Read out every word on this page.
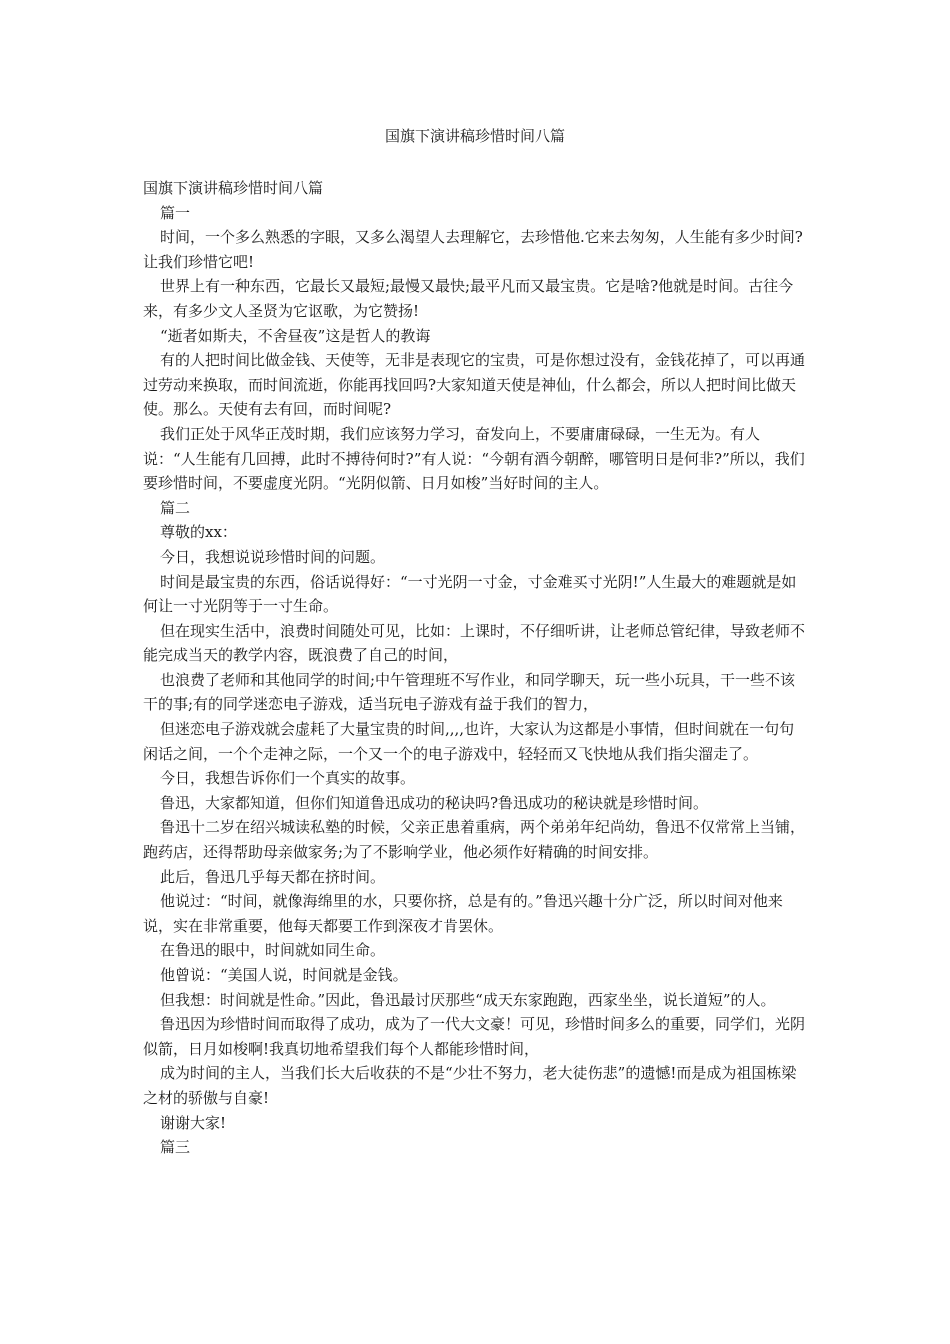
国旗下演讲稿珍惜时间八篇

国旗下演讲稿珍惜时间八篇

篇一

时间，一个多么熟悉的字眼，又多么渴望人去理解它，去珍惜他.它来去匆匆，人生能有多少时间?让我们珍惜它吧!

世界上有一种东西，它最长又最短;最慢又最快;最平凡而又最宝贵。它是啥?他就是时间。古往今来，有多少文人圣贤为它讴歌，为它赞扬!

“逝者如斯夫，不舍昼夜”这是哲人的教诲

有的人把时间比做金钱、天使等，无非是表现它的宝贵，可是你想过没有，金钱花掉了，可以再通过劳动来换取，而时间流逝，你能再找回吗?大家知道天使是神仙，什么都会，所以人把时间比做天使。那么。天使有去有回，而时间呢?

我们正处于风华正茂时期，我们应该努力学习，奋发向上，不要庸庸碌碌，一生无为。有人说：“人生能有几回搏，此时不搏待何时?”有人说：“今朝有酒今朝醉，哪管明日是何非?”所以，我们要珍惜时间，不要虚度光阴。“光阴似箭、日月如梭”当好时间的主人。

篇二

尊敬的xx：

今日，我想说说珍惜时间的问题。

时间是最宝贵的东西，俗话说得好：“一寸光阴一寸金，寸金难买寸光阴!”人生最大的难题就是如何让一寸光阴等于一寸生命。

但在现实生活中，浪费时间随处可见，比如：上课时，不仔细听讲，让老师总管纪律，导致老师不能完成当天的教学内容，既浪费了自己的时间，

也浪费了老师和其他同学的时间;中午管理班不写作业，和同学聊天，玩一些小玩具，干一些不该干的事;有的同学迷恋电子游戏，适当玩电子游戏有益于我们的智力，

但迷恋电子游戏就会虚耗了大量宝贵的时间,,,,也许，大家认为这都是小事情，但时间就在一句句闲话之间，一个个走神之际，一个又一个的电子游戏中，轻轻而又飞快地从我们指尖溜走了。

今日，我想告诉你们一个真实的故事。

鲁迅，大家都知道，但你们知道鲁迅成功的秘诀吗?鲁迅成功的秘诀就是珍惜时间。

鲁迅十二岁在绍兴城读私塾的时候，父亲正患着重病，两个弟弟年纪尚幼，鲁迅不仅常常上当铺，跑药店，还得帮助母亲做家务;为了不影响学业，他必须作好精确的时间安排。

此后，鲁迅几乎每天都在挤时间。

他说过：“时间，就像海绵里的水，只要你挤，总是有的。”鲁迅兴趣十分广泛，所以时间对他来说，实在非常重要，他每天都要工作到深夜才肯罢休。

在鲁迅的眼中，时间就如同生命。

他曾说：“美国人说，时间就是金钱。

但我想：时间就是性命。”因此，鲁迅最讨厌那些“成天东家跑跑，西家坐坐，说长道短”的人。

鲁迅因为珍惜时间而取得了成功，成为了一代大文豪！可见，珍惜时间多么的重要，同学们，光阴似箭，日月如梭啊!我真切地希望我们每个人都能珍惜时间，

成为时间的主人，当我们长大后收获的不是“少壮不努力，老大徒伤悲”的遗憾!而是成为祖国栋梁之材的骄傲与自豪!

谢谢大家!

篇三
